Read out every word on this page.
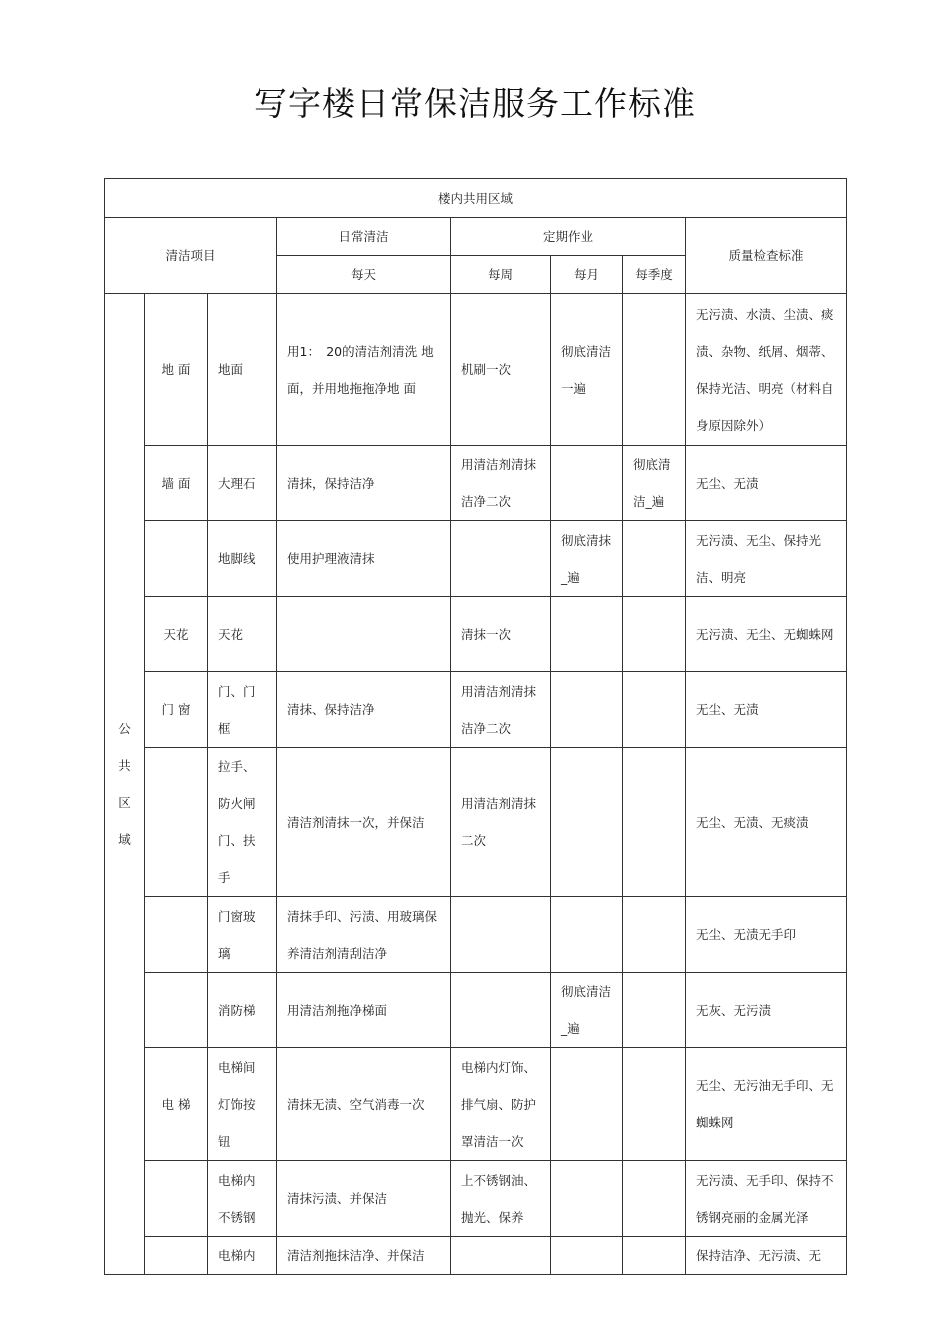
写字楼日常保洁服务工作标准
楼内共用区域							
清洁项目			日常清洁	定期作业			质量检查标准
			每天	每周	每月	每季度	

公
共
区
域	地 面	地面	用1：　20的清洁剂清洗 地面，并用地拖拖净地 面	机刷一次	彻底清洁一遍		无污渍、水渍、尘渍、痰渍、杂物、纸屑、烟蒂、保持光洁、明亮（材料自身原因除外）
	墙 面	大理石	清抹，保持洁净	用清洁剂清抹洁净二次		彻底清洁_遍	无尘、无渍
		地脚线	使用护理液清抹		彻底清抹_遍		无污渍、无尘、保持光洁、明亮
	天花	天花		清抹一次			无污渍、无尘、无蜘蛛网
	门 窗	门、门框	清抹、保持洁净	用清洁剂清抹洁净二次			无尘、无渍
		拉手、防火闸门、扶手	清洁剂清抹一次，并保洁	用清洁剂清抹二次			无尘、无渍、无痰渍
		门窗玻璃	清抹手印、污渍、用玻璃保养清洁剂清刮洁净				无尘、无渍无手印
		消防梯	用清洁剂拖净梯面		彻底清洁_遍		无灰、无污渍
	电 梯	电梯间灯饰按钮	清抹无渍、空气消毒一次	电梯内灯饰、排气扇、防护罩清洁一次			无尘、无污油无手印、无蜘蛛网
		电梯内不锈钢	清抹污渍、并保洁	上不锈钢油、抛光、保养			无污渍、无手印、保持不锈钢亮丽的金属光泽
		电梯内	清洁剂拖抹洁净、并保洁				保持洁净、无污渍、无
